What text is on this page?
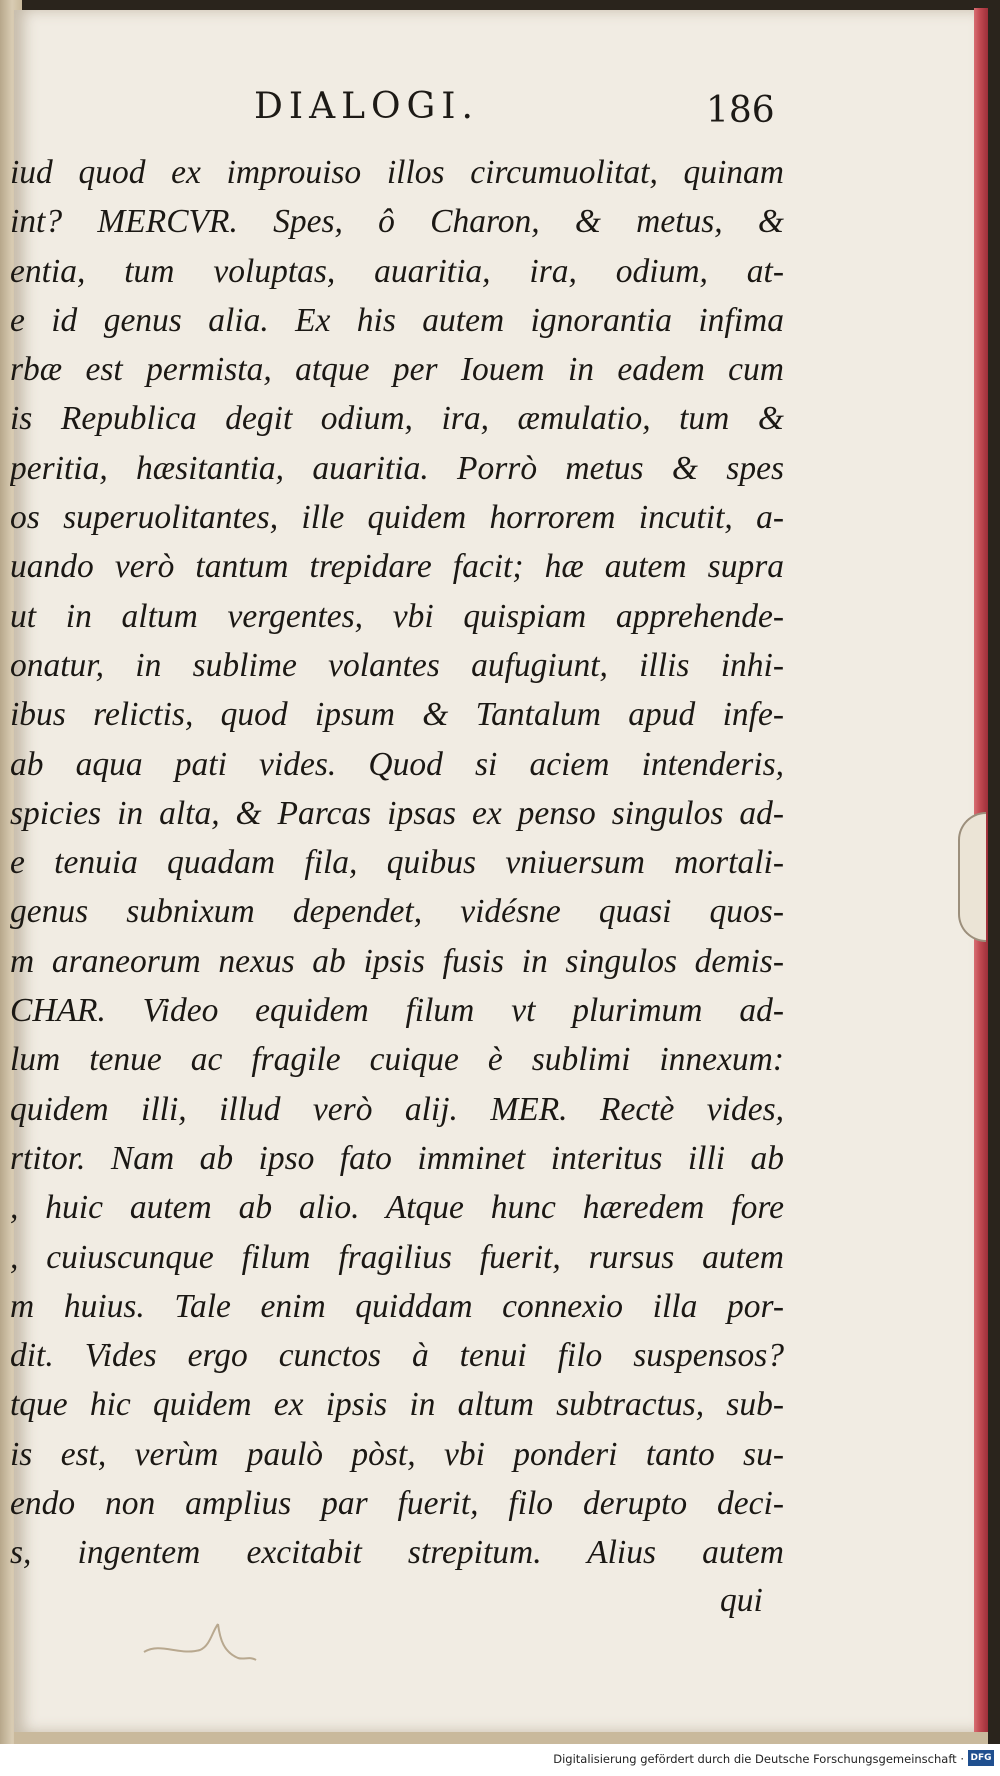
DIALOGI.	186
iud quod ex improuiso illos circumuolitat, quinam
int? MERCVR. Spes, ô Charon, & metus, &
entia, tum voluptas, auaritia, ira, odium, at-
e id genus alia. Ex his autem ignorantia infima
rbæ est permista, atque per Iouem in eadem cum
is Republica degit odium, ira, æmulatio, tum &
peritia, hæsitantia, auaritia. Porrò metus & spes
os superuolitantes, ille quidem horrorem incutit, a-
uando verò tantum trepidare facit; hæ autem supra
ut in altum vergentes, vbi quispiam apprehende-
onatur, in sublime volantes aufugiunt, illis inhi-
ibus relictis, quod ipsum & Tantalum apud infe-
ab aqua pati vides. Quod si aciem intenderis,
spicies in alta, & Parcas ipsas ex penso singulos ad-
e tenuia quadam fila, quibus vniuersum mortali-
genus subnixum dependet, vidésne quasi quos-
m araneorum nexus ab ipsis fusis in singulos demis-
CHAR. Video equidem filum vt plurimum ad-
lum tenue ac fragile cuique è sublimi innexum:
quidem illi, illud verò alij. MER. Rectè vides,
rtitor. Nam ab ipso fato imminet interitus illi ab
, huic autem ab alio. Atque hunc hæredem fore
, cuiuscunque filum fragilius fuerit, rursus autem
m huius. Tale enim quiddam connexio illa por-
dit. Vides ergo cunctos à tenui filo suspensos?
tque hic quidem ex ipsis in altum subtractus, sub-
is est, verùm paulò pòst, vbi ponderi tanto su-
endo non amplius par fuerit, filo derupto deci-
s, ingentem excitabit strepitum. Alius autem
qui
Digitalisierung gefördert durch die Deutsche Forschungsgemeinschaft · DFG
